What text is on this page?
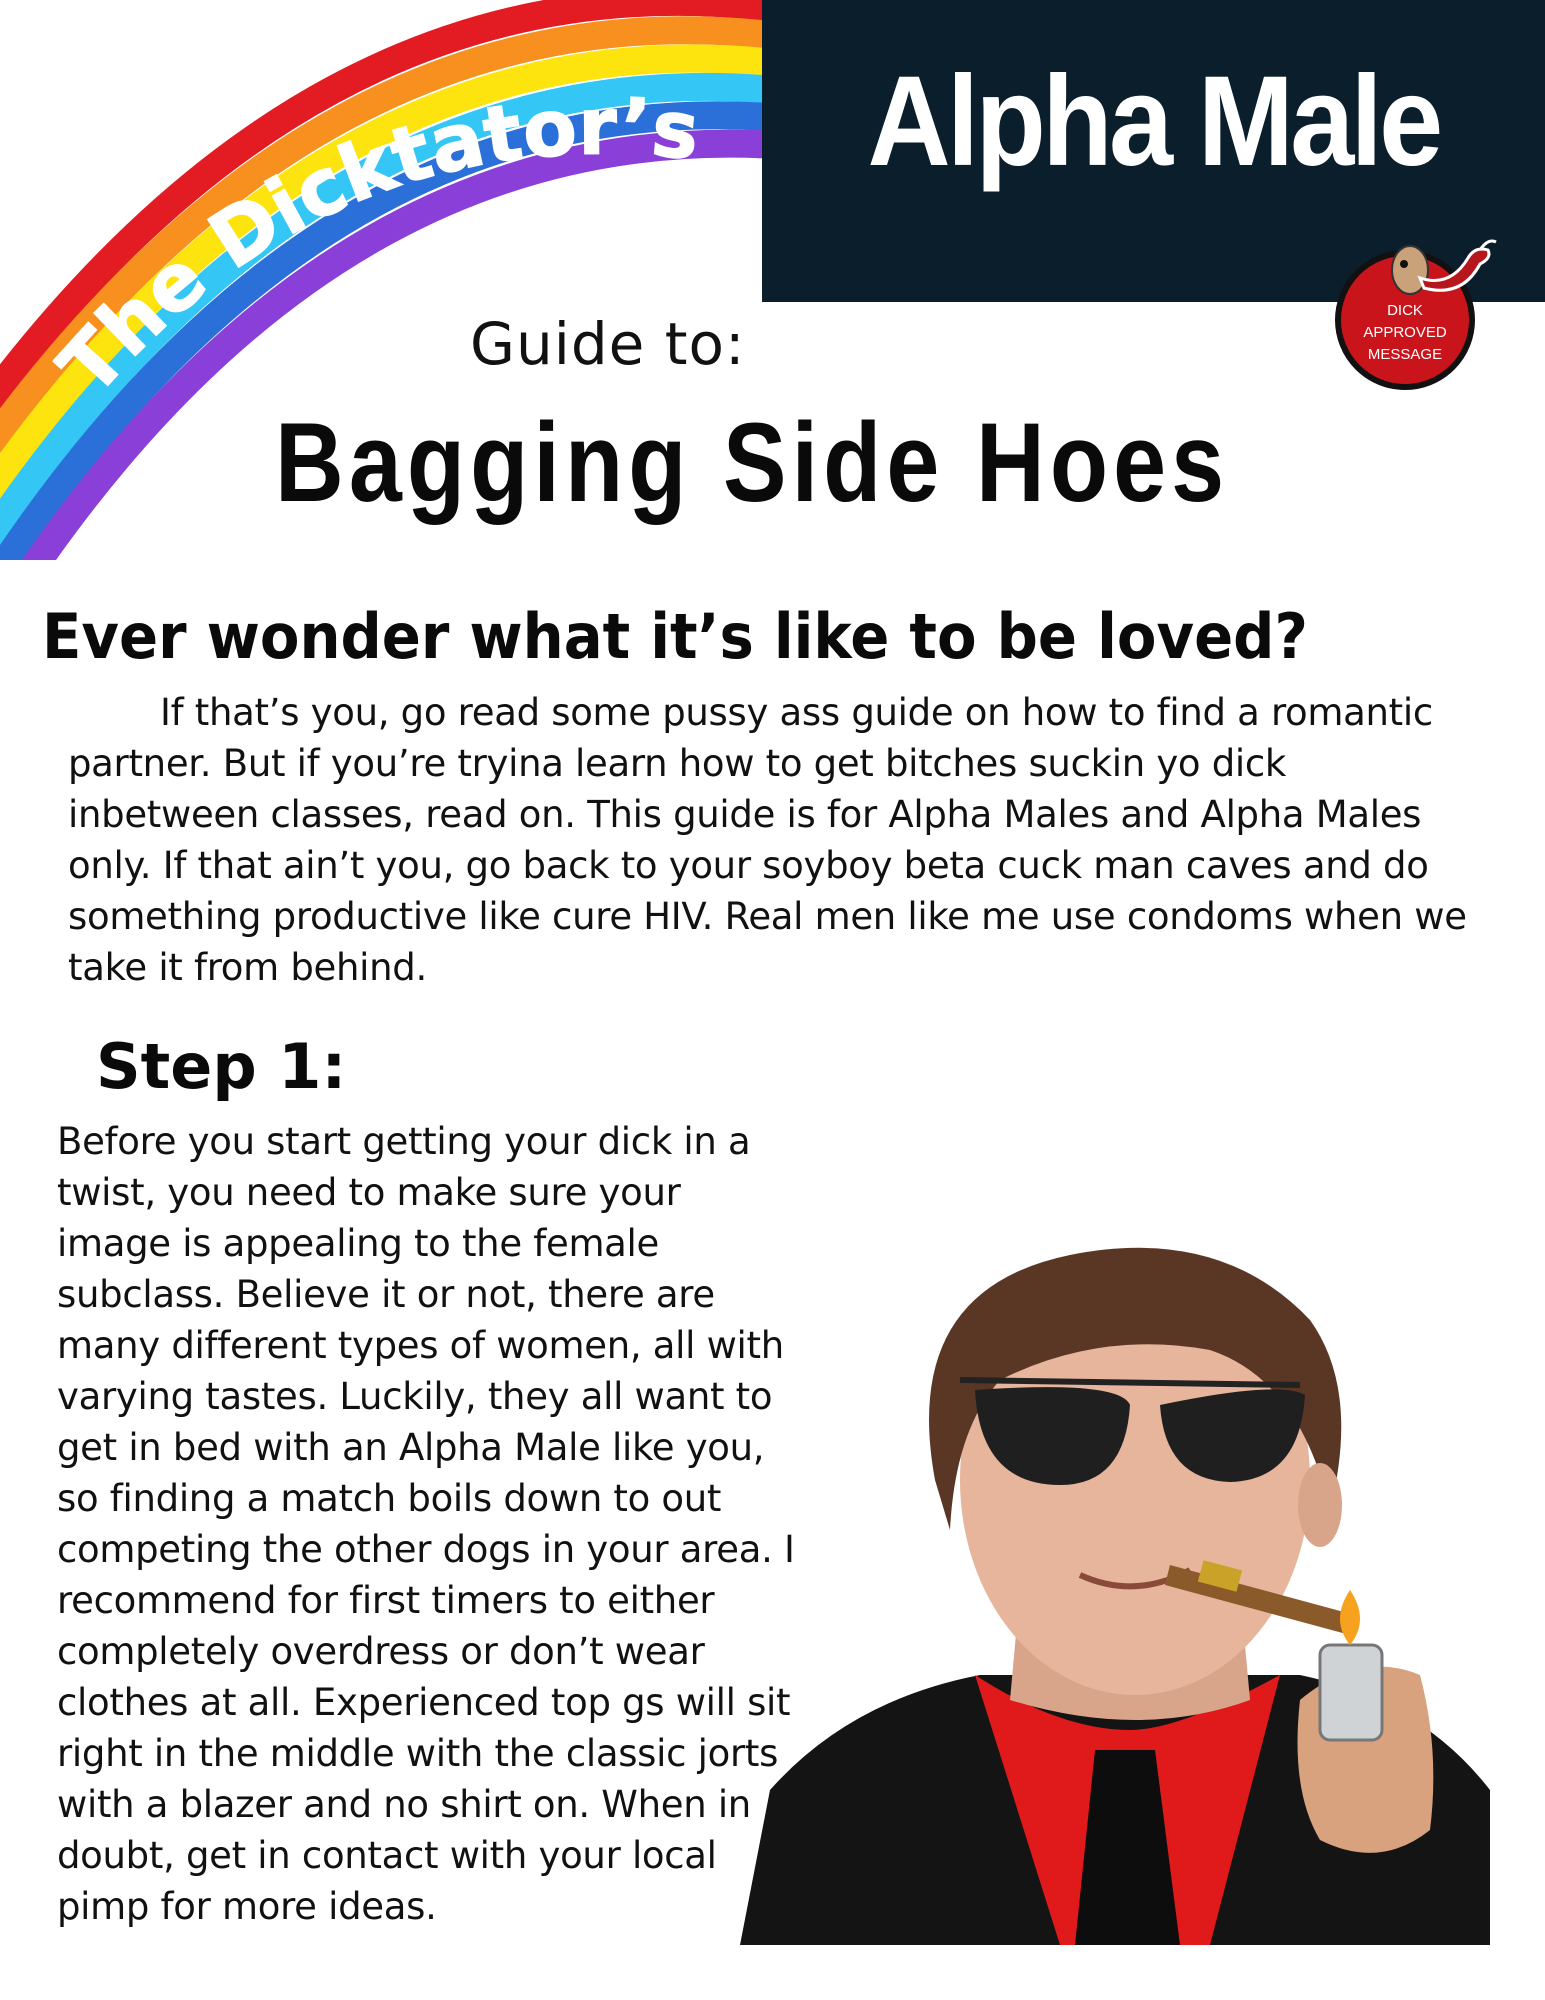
The Dicktator’s	Alpha Male
DICK
APPROVED
MESSAGE
Guide to:
Bagging Side Hoes
Ever wonder what it’s like to be loved?

If that’s you, go read some pussy ass guide on how to find a romantic partner. But if you’re tryina learn how to get bitches suckin yo dick inbetween classes, read on. This guide is for Alpha Males and Alpha Males only. If that ain’t you, go back to your soyboy beta cuck man caves and do something productive like cure HIV. Real men like me use condoms when we take it from behind.

Step 1:

Before you start getting your dick in a twist, you need to make sure your image is appealing to the female subclass. Believe it or not, there are many different types of women, all with varying tastes. Luckily, they all want to get in bed with an Alpha Male like you, so finding a match boils down to out competing the other dogs in your area. I recommend for first timers to either completely overdress or don’t wear clothes at all. Experienced top gs will sit right in the middle with the classic jorts with a blazer and no shirt on. When in doubt, get in contact with your local pimp for more ideas.
